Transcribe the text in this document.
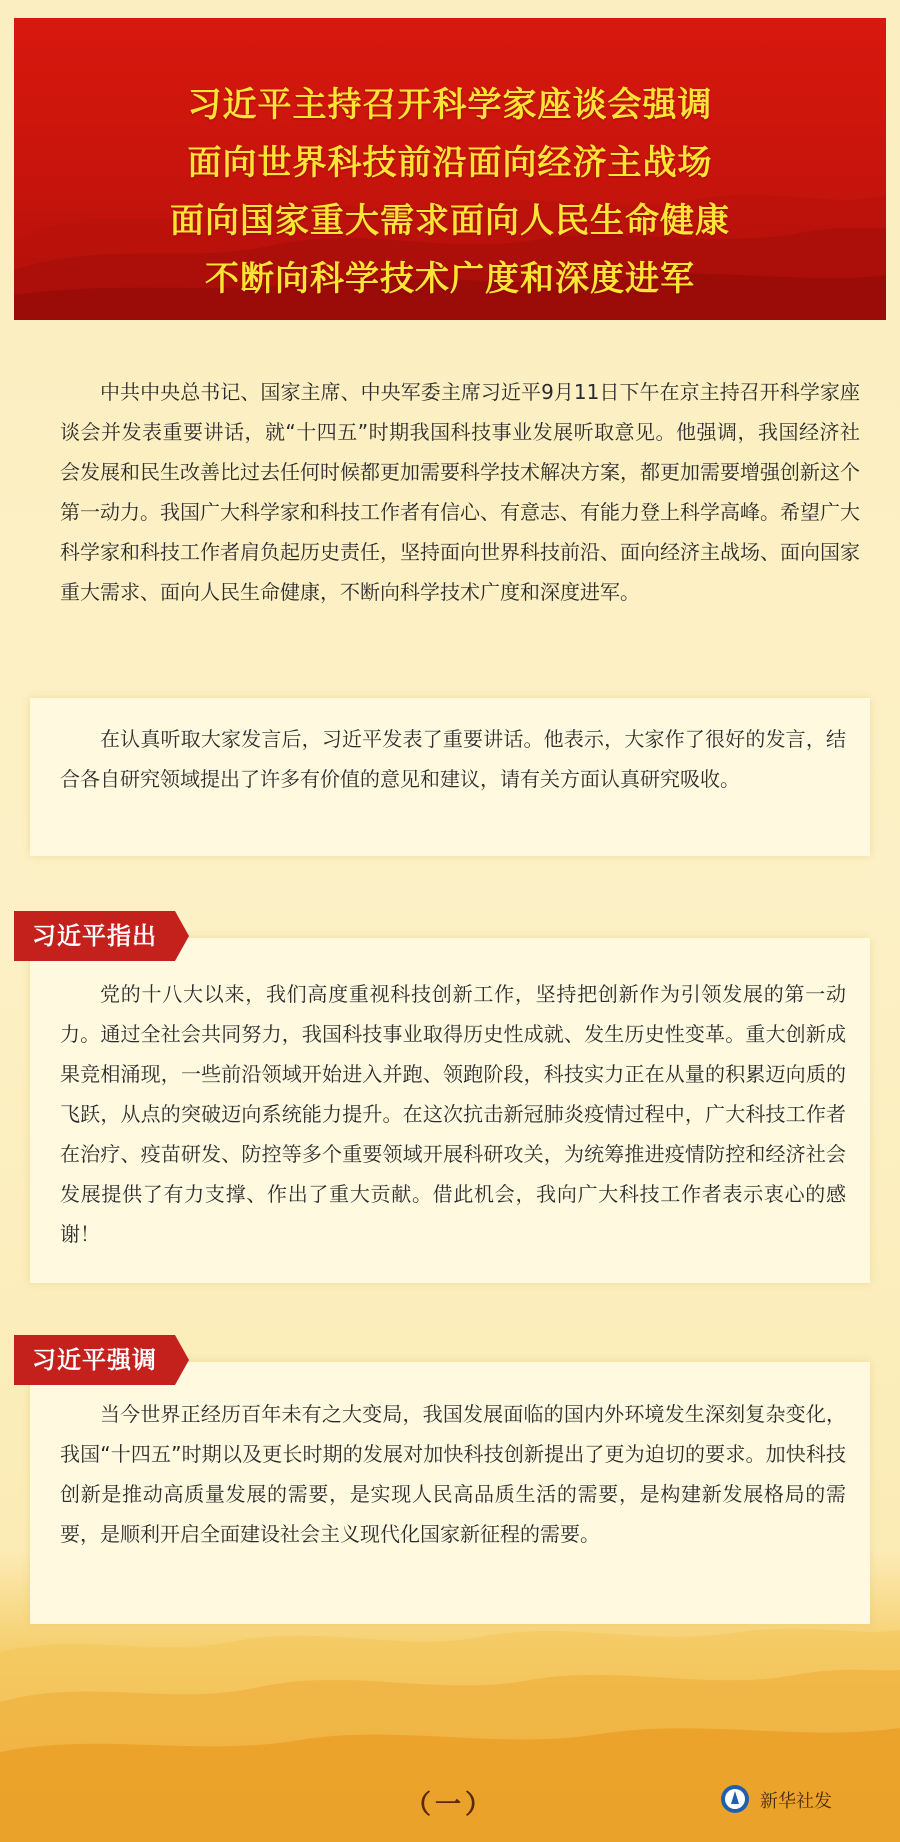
习近平主持召开科学家座谈会强调
面向世界科技前沿面向经济主战场
面向国家重大需求面向人民生命健康
不断向科学技术广度和深度进军

中共中央总书记、国家主席、中央军委主席习近平9月11日下午在京主持召开科学家座谈会并发表重要讲话，就“十四五”时期我国科技事业发展听取意见。他强调，我国经济社会发展和民生改善比过去任何时候都更加需要科学技术解决方案，都更加需要增强创新这个第一动力。我国广大科学家和科技工作者有信心、有意志、有能力登上科学高峰。希望广大科学家和科技工作者肩负起历史责任，坚持面向世界科技前沿、面向经济主战场、面向国家重大需求、面向人民生命健康，不断向科学技术广度和深度进军。

在认真听取大家发言后，习近平发表了重要讲话。他表示，大家作了很好的发言，结合各自研究领域提出了许多有价值的意见和建议，请有关方面认真研究吸收。

习近平指出

党的十八大以来，我们高度重视科技创新工作，坚持把创新作为引领发展的第一动力。通过全社会共同努力，我国科技事业取得历史性成就、发生历史性变革。重大创新成果竞相涌现，一些前沿领域开始进入并跑、领跑阶段，科技实力正在从量的积累迈向质的飞跃，从点的突破迈向系统能力提升。在这次抗击新冠肺炎疫情过程中，广大科技工作者在治疗、疫苗研发、防控等多个重要领域开展科研攻关，为统筹推进疫情防控和经济社会发展提供了有力支撑、作出了重大贡献。借此机会，我向广大科技工作者表示衷心的感谢！

习近平强调

当今世界正经历百年未有之大变局，我国发展面临的国内外环境发生深刻复杂变化，我国“十四五”时期以及更长时期的发展对加快科技创新提出了更为迫切的要求。加快科技创新是推动高质量发展的需要，是实现人民高品质生活的需要，是构建新发展格局的需要，是顺利开启全面建设社会主义现代化国家新征程的需要。

（一）	新华社发
